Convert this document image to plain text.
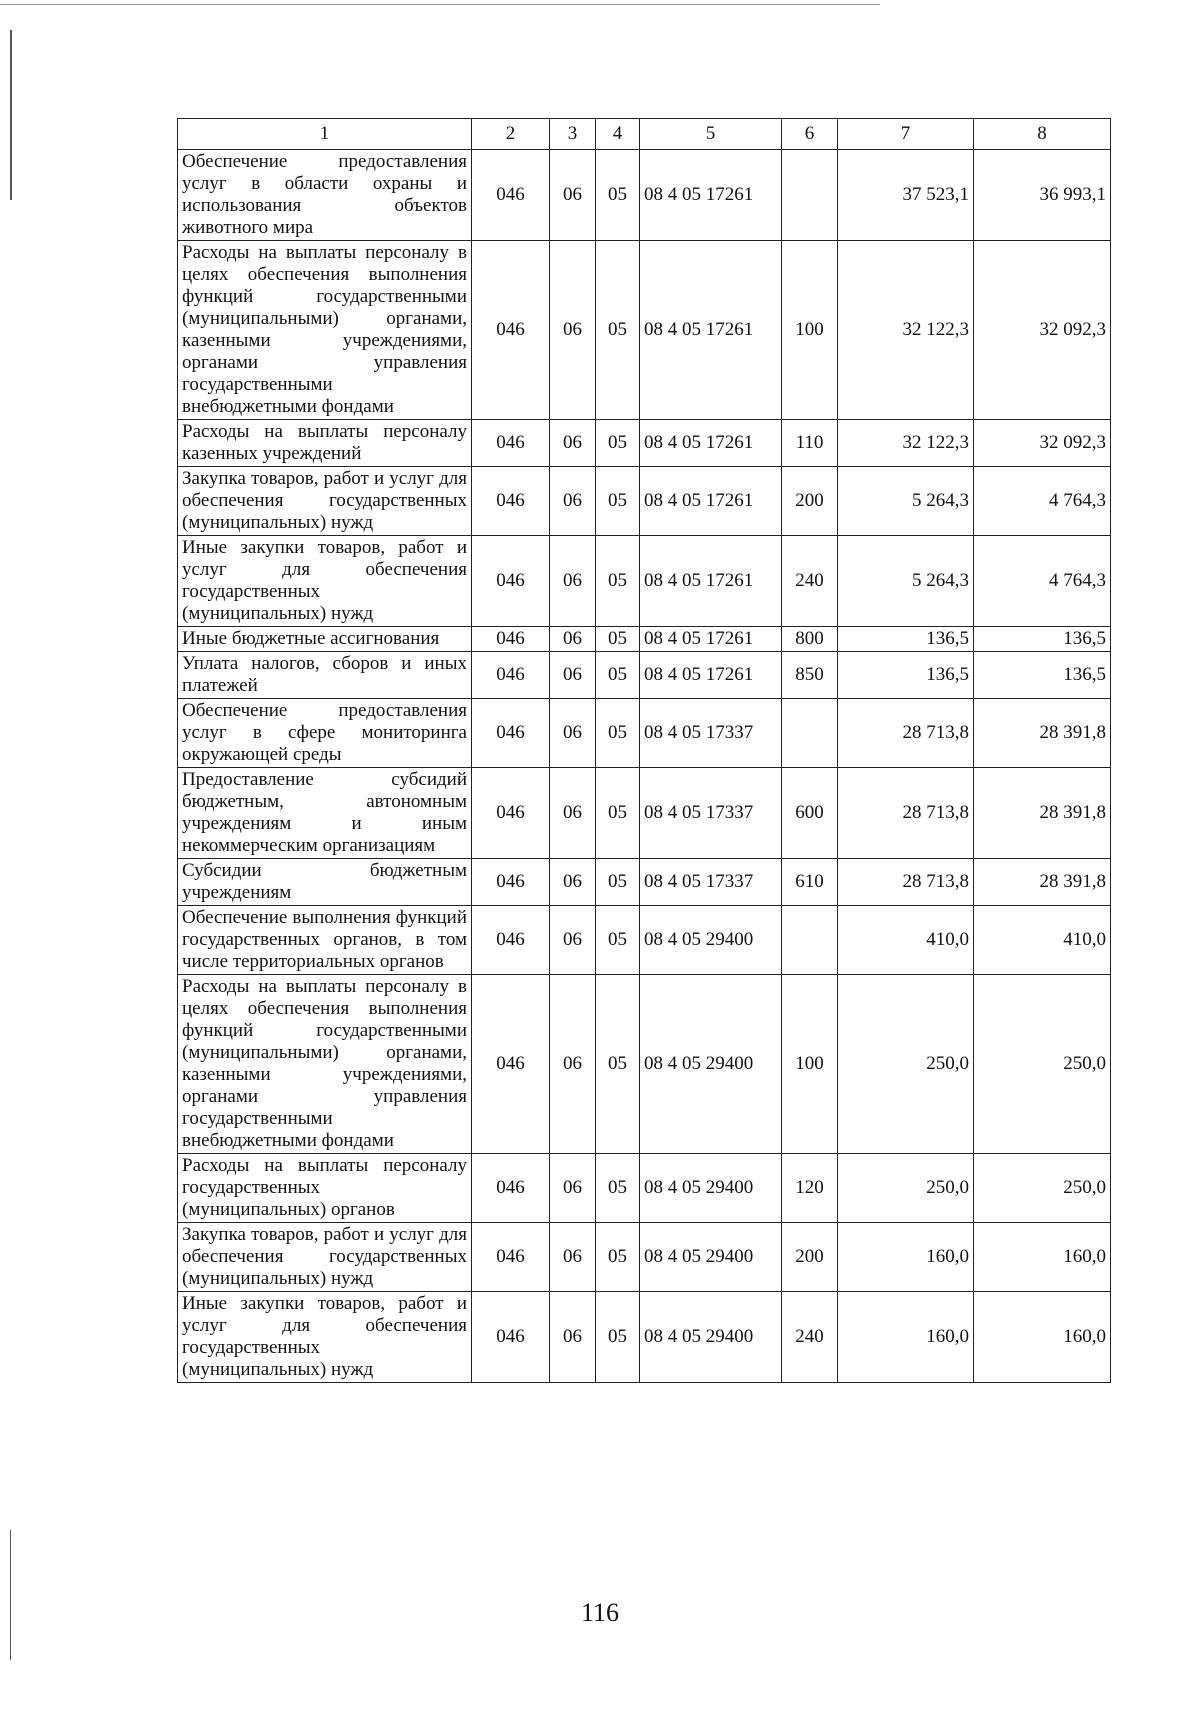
1	2	3	4	5	6	7	8
Обеспечение предоставления услуг в области охраны и использования объектов животного мира	046	06	05	08 4 05 17261		37 523,1	36 993,1
Расходы на выплаты персоналу в целях обеспечения выполнения функций государственными (муниципальными) органами, казенными учреждениями, органами управления государственными внебюджетными фондами	046	06	05	08 4 05 17261	100	32 122,3	32 092,3
Расходы на выплаты персоналу казенных учреждений	046	06	05	08 4 05 17261	110	32 122,3	32 092,3
Закупка товаров, работ и услуг для обеспечения государственных (муниципальных) нужд	046	06	05	08 4 05 17261	200	5 264,3	4 764,3
Иные закупки товаров, работ и услуг для обеспечения государственных (муниципальных) нужд	046	06	05	08 4 05 17261	240	5 264,3	4 764,3
Иные бюджетные ассигнования	046	06	05	08 4 05 17261	800	136,5	136,5
Уплата налогов, сборов и иных платежей	046	06	05	08 4 05 17261	850	136,5	136,5
Обеспечение предоставления услуг в сфере мониторинга окружающей среды	046	06	05	08 4 05 17337		28 713,8	28 391,8
Предоставление субсидий бюджетным, автономным учреждениям и иным некоммерческим организациям	046	06	05	08 4 05 17337	600	28 713,8	28 391,8
Субсидии бюджетным учреждениям	046	06	05	08 4 05 17337	610	28 713,8	28 391,8
Обеспечение выполнения функций государственных органов, в том числе территориальных органов	046	06	05	08 4 05 29400		410,0	410,0
Расходы на выплаты персоналу в целях обеспечения выполнения функций государственными (муниципальными) органами, казенными учреждениями, органами управления государственными внебюджетными фондами	046	06	05	08 4 05 29400	100	250,0	250,0
Расходы на выплаты персоналу государственных (муниципальных) органов	046	06	05	08 4 05 29400	120	250,0	250,0
Закупка товаров, работ и услуг для обеспечения государственных (муниципальных) нужд	046	06	05	08 4 05 29400	200	160,0	160,0
Иные закупки товаров, работ и услуг для обеспечения государственных (муниципальных) нужд	046	06	05	08 4 05 29400	240	160,0	160,0
116
